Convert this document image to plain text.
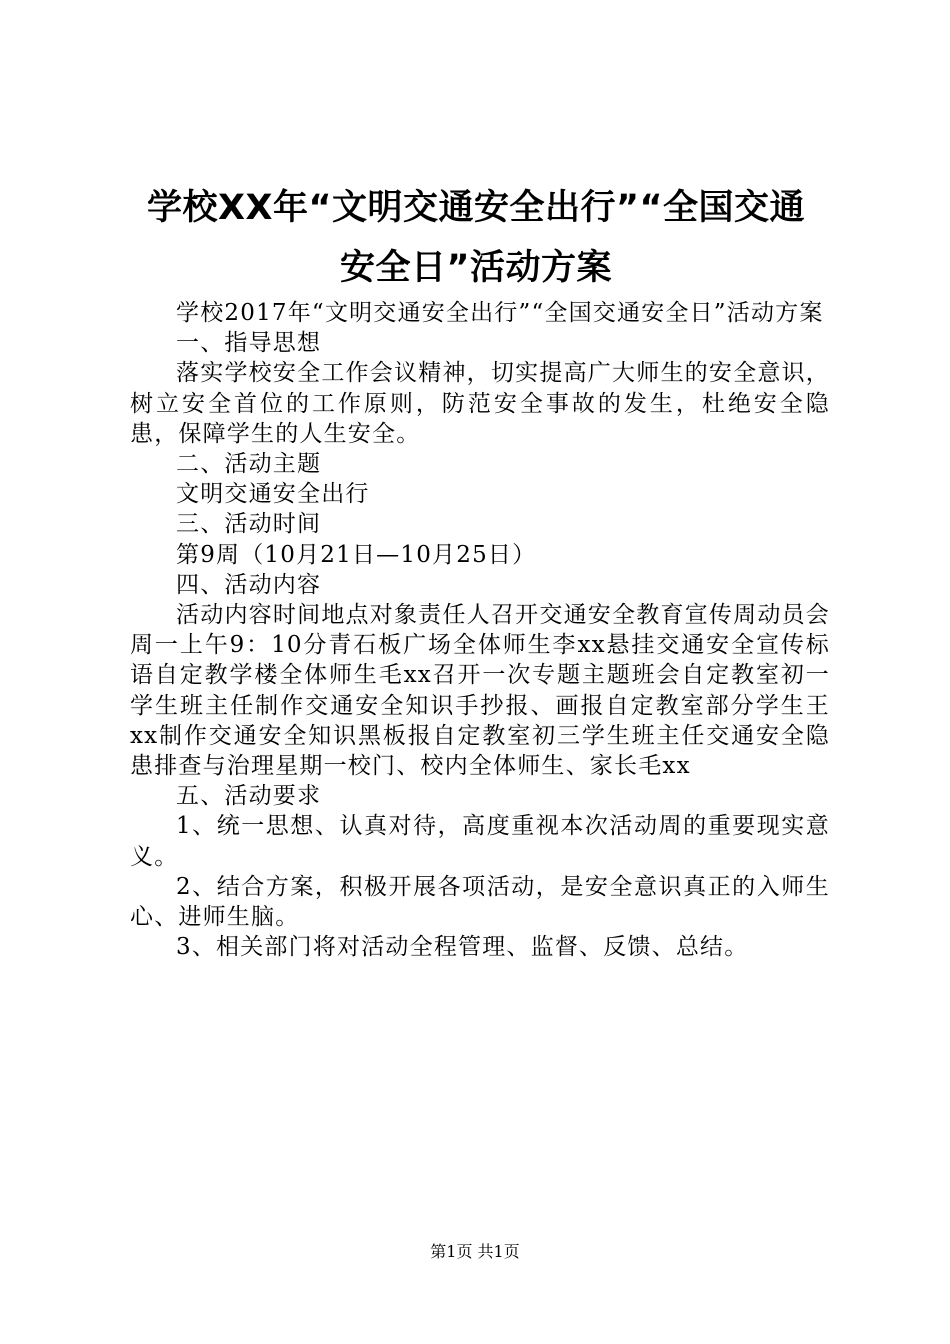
学校XX年“文明交通安全出行”“全国交通
安全日”活动方案

学校2017年“文明交通安全出行”“全国交通安全日”活动方案

一、指导思想

落实学校安全工作会议精神，切实提高广大师生的安全意识，树立安全首位的工作原则，防范安全事故的发生，杜绝安全隐患，保障学生的人生安全。

二、活动主题

文明交通安全出行

三、活动时间

第9周（10月21日—10月25日）

四、活动内容

活动内容时间地点对象责任人召开交通安全教育宣传周动员会周一上午9：10分青石板广场全体师生李xx悬挂交通安全宣传标语自定教学楼全体师生毛xx召开一次专题主题班会自定教室初一学生班主任制作交通安全知识手抄报、画报自定教室部分学生王xx制作交通安全知识黑板报自定教室初三学生班主任交通安全隐患排查与治理星期一校门、校内全体师生、家长毛xx

五、活动要求

1、统一思想、认真对待，高度重视本次活动周的重要现实意义。

2、结合方案，积极开展各项活动，是安全意识真正的入师生心、进师生脑。

3、相关部门将对活动全程管理、监督、反馈、总结。

第1页 共1页
